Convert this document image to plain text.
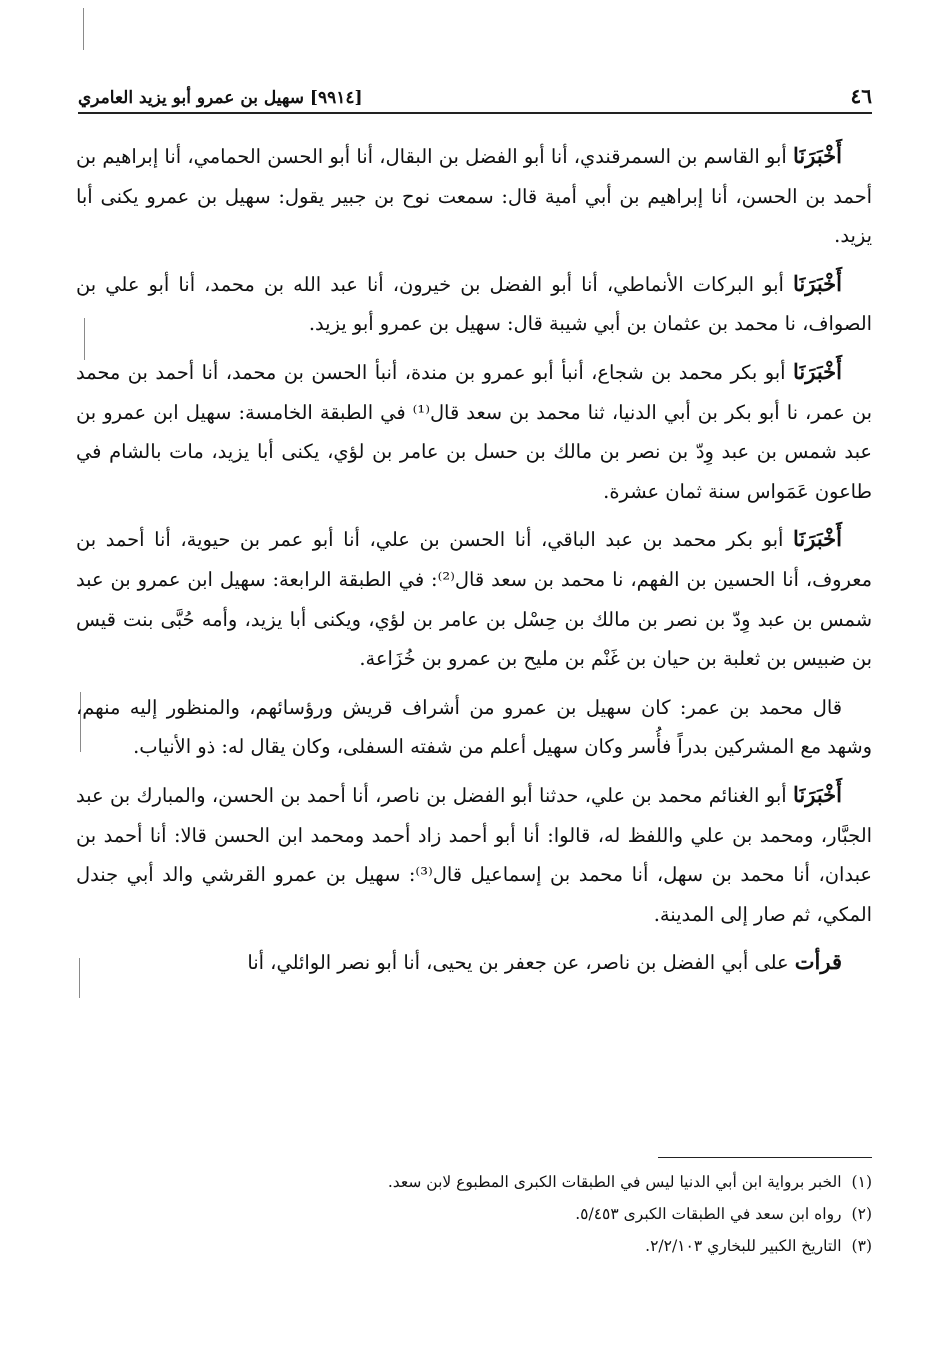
٤٦
[٩٩١٤] سهيل بن عمرو أبو يزيد العامري

أَخْبَرَنَا أبو القاسم بن السمرقندي، أنا أبو الفضل بن البقال، أنا أبو الحسن الحمامي، أنا إبراهيم بن أحمد بن الحسن، أنا إبراهيم بن أبي أمية قال: سمعت نوح بن جبير يقول: سهيل بن عمرو يكنى أبا يزيد.

أَخْبَرَنَا أبو البركات الأنماطي، أنا أبو الفضل بن خيرون، أنا عبد الله بن محمد، أنا أبو علي بن الصواف، نا محمد بن عثمان بن أبي شيبة قال: سهيل بن عمرو أبو يزيد.

أَخْبَرَنَا أبو بكر محمد بن شجاع، أنبأ أبو عمرو بن مندة، أنبأ الحسن بن محمد، أنا أحمد بن محمد بن عمر، نا أبو بكر بن أبي الدنيا، ثنا محمد بن سعد قال⁽¹⁾ في الطبقة الخامسة: سهيل ابن عمرو بن عبد شمس بن عبد وِدّ بن نصر بن مالك بن حسل بن عامر بن لؤي، يكنى أبا يزيد، مات بالشام في طاعون عَمَواس سنة ثمان عشرة.

أَخْبَرَنَا أبو بكر محمد بن عبد الباقي، أنا الحسن بن علي، أنا أبو عمر بن حيوية، أنا أحمد بن معروف، أنا الحسين بن الفهم، نا محمد بن سعد قال⁽²⁾: في الطبقة الرابعة: سهيل ابن عمرو بن عبد شمس بن عبد وِدّ بن نصر بن مالك بن حِسْل بن عامر بن لؤي، ويكنى أبا يزيد، وأمه حُبَّى بنت قيس بن ضبيس بن ثعلبة بن حيان بن غَنْم بن مليح بن عمرو بن خُزَاعة.

قال محمد بن عمر: كان سهيل بن عمرو من أشراف قريش ورؤسائهم، والمنظور إليه منهم، وشهد مع المشركين بدراً فأُسر وكان سهيل أعلم من شفته السفلى، وكان يقال له: ذو الأنياب.

أَخْبَرَنَا أبو الغنائم محمد بن علي، حدثنا أبو الفضل بن ناصر، أنا أحمد بن الحسن، والمبارك بن عبد الجبَّار، ومحمد بن علي واللفظ له، قالوا: أنا أبو أحمد زاد أحمد ومحمد ابن الحسن قالا: أنا أحمد بن عبدان، أنا محمد بن سهل، أنا محمد بن إسماعيل قال⁽³⁾: سهيل بن عمرو القرشي والد أبي جندل المكي، ثم صار إلى المدينة.

قرأت على أبي الفضل بن ناصر، عن جعفر بن يحيى، أنا أبو نصر الوائلي، أنا

(١)
الخبر برواية ابن أبي الدنيا ليس في الطبقات الكبرى المطبوع لابن سعد.
(٢)
رواه ابن سعد في الطبقات الكبرى ٥/٤٥٣.
(٣)
التاريخ الكبير للبخاري ٢/٢/١٠٣.
